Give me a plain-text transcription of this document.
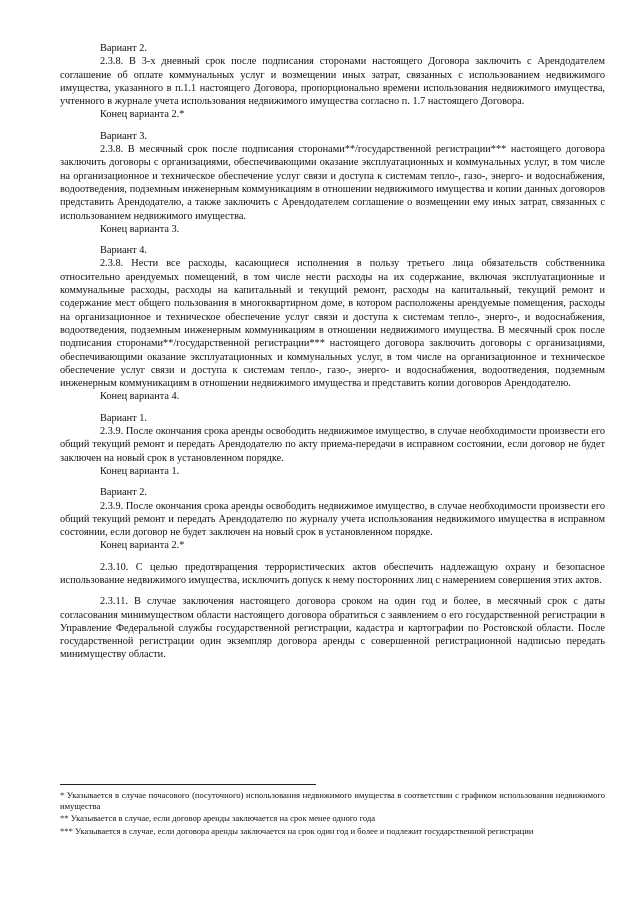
Вариант 2.

2.3.8. В 3-х дневный срок после подписания сторонами настоящего Договора заключить с Арендодателем соглашение об оплате коммунальных услуг и возмещении иных затрат, связанных с использованием недвижимого имущества, указанного в п.1.1 настоящего Договора, пропорционально времени использования недвижимого имущества, учтенного в журнале учета использования недвижимого имущества согласно п. 1.7 настоящего Договора.

Конец варианта 2.*

Вариант 3.

2.3.8. В месячный срок после подписания сторонами**/государственной регистрации*** настоящего договора заключить договоры с организациями, обеспечивающими оказание эксплуатационных и коммунальных услуг, в том числе на организационное и техническое обеспечение услуг связи и доступа к системам тепло-, газо-, энерго- и водоснабжения, водоотведения, подземным инженерным коммуникациям в отношении недвижимого имущества и копии данных договоров представить Арендодателю, а также заключить с Арендодателем соглашение о возмещении ему иных затрат, связанных с использованием недвижимого имущества.

Конец варианта 3.

Вариант 4.

2.3.8. Нести все расходы, касающиеся исполнения в пользу третьего лица обязательств собственника относительно арендуемых помещений, в том числе нести расходы на их содержание, включая эксплуатационные и коммунальные расходы, расходы на капитальный и текущий ремонт, расходы на капитальный, текущий ремонт и содержание мест общего пользования в многоквартирном доме, в котором расположены арендуемые помещения, расходы на организационное и техническое обеспечение услуг связи и доступа к системам тепло-, энерго-, и водоснабжения, водоотведения, подземным инженерным коммуникациям в отношении недвижимого имущества. В месячный срок после подписания сторонами**/государственной регистрации*** настоящего договора заключить договоры с организациями, обеспечивающими оказание эксплуатационных и коммунальных услуг, в том числе на организационное и техническое обеспечение услуг связи и доступа к системам тепло-, газо-, энерго- и водоснабжения, водоотведения, подземным инженерным коммуникациям в отношении недвижимого имущества и представить копии договоров Арендодателю.

Конец варианта 4.

Вариант 1.

2.3.9. После окончания срока аренды освободить недвижимое имущество, в случае необходимости произвести его общий текущий ремонт и передать Арендодателю по акту приема-передачи в исправном состоянии, если договор не будет заключен на новый срок в установленном порядке.

Конец варианта 1.

Вариант 2.

2.3.9. После окончания срока аренды освободить недвижимое имущество, в случае необходимости произвести его общий текущий ремонт и передать Арендодателю по журналу учета использования недвижимого имущества в исправном состоянии, если договор не будет заключен на новый срок в установленном порядке.

Конец варианта 2.*

2.3.10. С целью предотвращения террористических актов обеспечить надлежащую охрану и безопасное использование недвижимого имущества, исключить допуск к нему посторонних лиц с намерением совершения этих актов.

2.3.11. В случае заключения настоящего договора сроком на один год и более, в месячный срок с даты согласования минимуществом области настоящего договора обратиться с заявлением о его государственной регистрации в Управление Федеральной службы государственной регистрации, кадастра и картографии по Ростовской области. После государственной регистрации один экземпляр договора аренды с совершенной регистрационной надписью передать минимуществу области.

* Указывается в случае почасового (посуточного) использования недвижимого имущества в соответствии с графиком использования недвижимого имущества

** Указывается в случае, если договор аренды заключается на срок менее одного года

*** Указывается в случае, если договора аренды заключается на срок один год и более и подлежит государственной регистрации
